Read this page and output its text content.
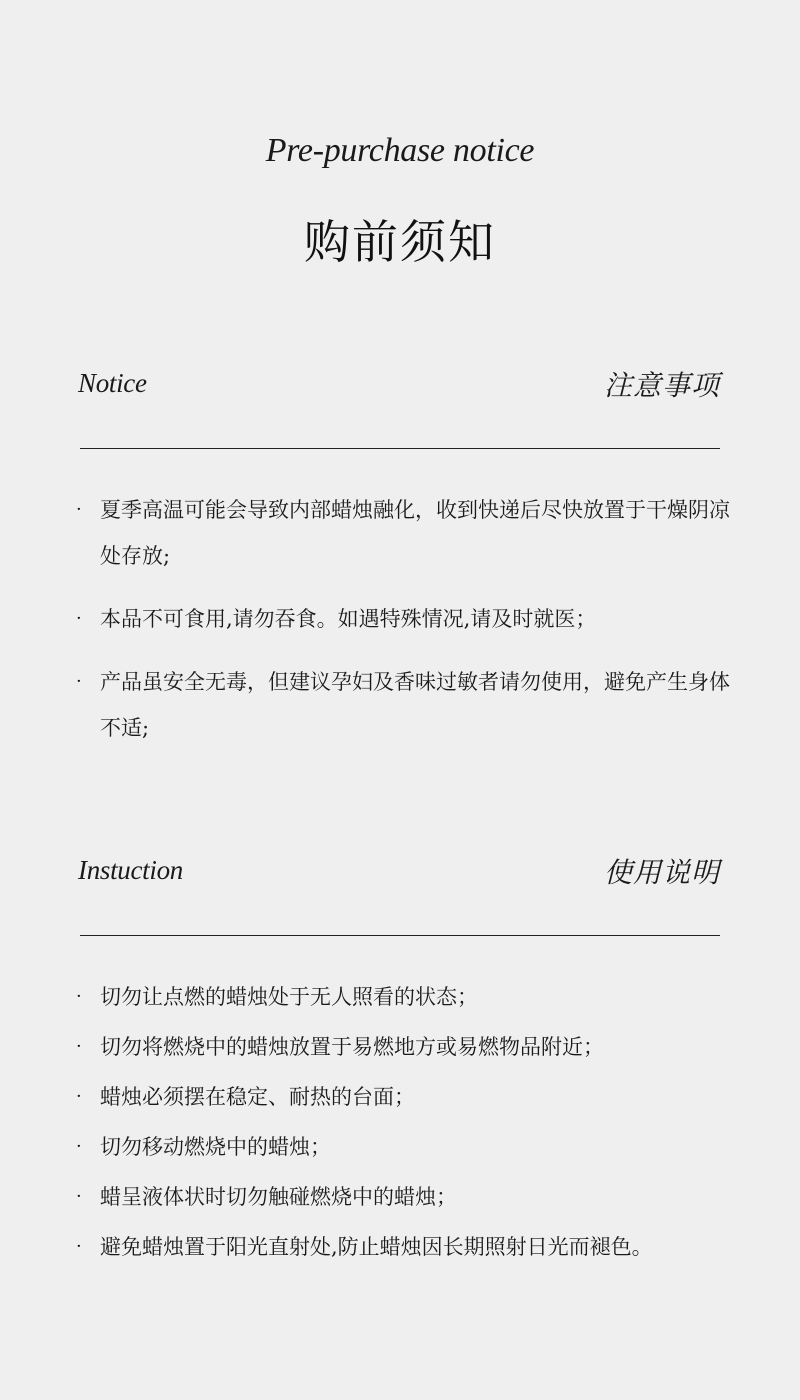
Pre-purchase notice
购前须知
Notice	注意事项
· 夏季高温可能会导致内部蜡烛融化，收到快递后尽快放置于干燥阴凉处存放;
· 本品不可食用,请勿吞食。如遇特殊情况,请及时就医；
· 产品虽安全无毒，但建议孕妇及香味过敏者请勿使用，避免产生身体不适;
Instuction	使用说明
· 切勿让点燃的蜡烛处于无人照看的状态；
· 切勿将燃烧中的蜡烛放置于易燃地方或易燃物品附近；
· 蜡烛必须摆在稳定、耐热的台面；
· 切勿移动燃烧中的蜡烛；
· 蜡呈液体状时切勿触碰燃烧中的蜡烛；
· 避免蜡烛置于阳光直射处,防止蜡烛因长期照射日光而褪色。
